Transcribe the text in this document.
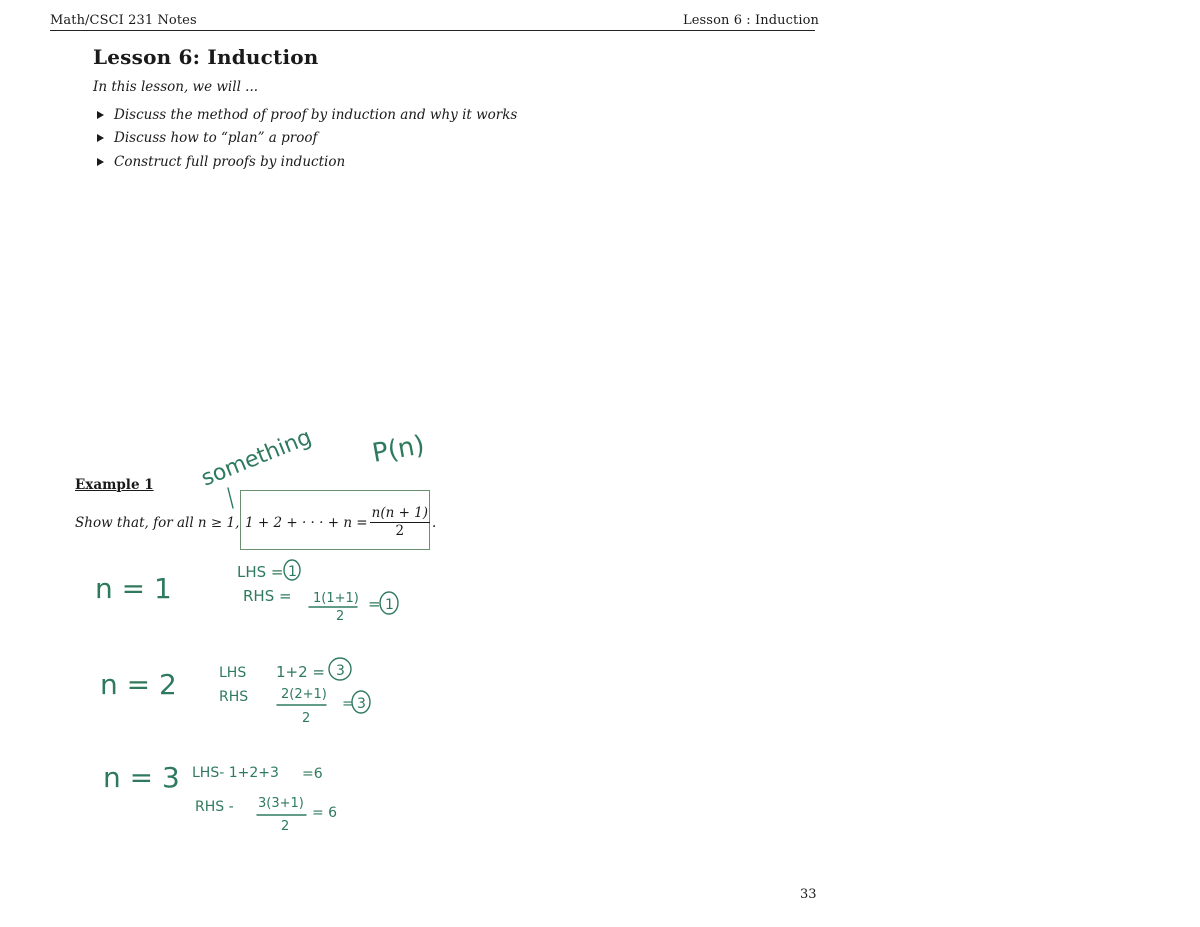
Math/CSCI 231 Notes	Lesson 6 : Induction
Lesson 6: Induction
In this lesson, we will ...
Discuss the method of proof by induction and why it works
Discuss how to “plan” a proof
Construct full proofs by induction
Example 1
Show that, for all n ≥ 1, 1 + 2 + · · · + $n = \frac{n(n + 1)}{2}$ .
something P(n)
n = 1	LHS = 1
RHS = 1(1+1)
2
= 1
n = 2	LHS 1+2 = 3
RHS	2(2+1)
2
= 3
n = 3 LHS- 1+2+3 =6
RHS - 3(3+1)
2
= 6
33
